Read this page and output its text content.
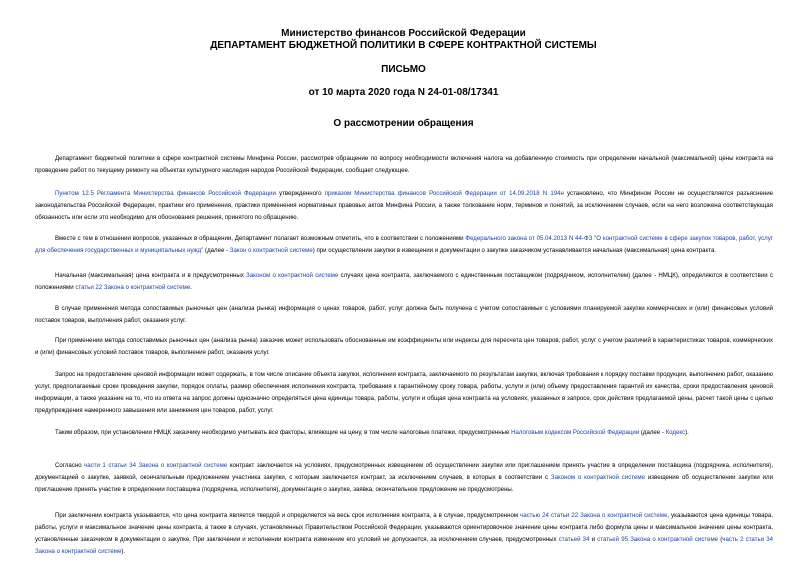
Министерство финансов Российской Федерации
ДЕПАРТАМЕНТ БЮДЖЕТНОЙ ПОЛИТИКИ В СФЕРЕ КОНТРАКТНОЙ СИСТЕМЫ
ПИСЬМО
от 10 марта 2020 года N 24-01-08/17341
О рассмотрении обращения

Департамент бюджетной политики в сфере контрактной системы Минфина России, рассмотрев обращение по вопросу необходимости включения налога на добавленную стоимость при определении начальной (максимальной) цены контракта на проведение работ по текущему ремонту на объектах культурного наследия народов Российской Федерации, сообщает следующее.

Пунктом 12.5 Регламента Министерства финансов Российской Федерации утвержденного приказом Министерства финансов Российской Федерации от 14.09.2018 N 194н установлено, что Минфином России не осуществляется разъяснение законодательства Российской Федерации, практики его применения, практики применения нормативных правовых актов Минфина России, а также толкование норм, терминов и понятий, за исключением случаев, если на него возложена соответствующая обязанность или если это необходимо для обоснования решения, принятого по обращению.

Вместе с тем в отношении вопросов, указанных в обращении, Департамент полагает возможным отметить, что в соответствии с положениями Федерального закона от 05.04.2013 N 44-ФЗ "О контрактной системе в сфере закупок товаров, работ, услуг для обеспечения государственных и муниципальных нужд" (далее - Закон о контрактной системе) при осуществлении закупки в извещении и документации о закупке заказчиком устанавливается начальная (максимальная) цена контракта.

Начальная (максимальная) цена контракта и в предусмотренных Законом о контрактной системе случаях цена контракта, заключаемого с единственным поставщиком (подрядчиком, исполнителем) (далее - НМЦК), определяются в соответствии с положениями статьи 22 Закона о контрактной системе.

В случае применения метода сопоставимых рыночных цен (анализа рынка) информация о ценах товаров, работ, услуг должна быть получена с учетом сопоставимых с условиями планируемой закупки коммерческих и (или) финансовых условий поставок товаров, выполнения работ, оказания услуг.

При применении метода сопоставимых рыночных цен (анализа рынка) заказчик может использовать обоснованные им коэффициенты или индексы для пересчета цен товаров, работ, услуг с учетом различий в характеристиках товаров, коммерческих и (или) финансовых условий поставок товаров, выполнения работ, оказания услуг.

Запрос на предоставление ценовой информации может содержать, в том числе описание объекта закупки, исполнения контракта, заключаемого по результатам закупки, включая требования к порядку поставки продукции, выполнению работ, оказанию услуг, предполагаемые сроки проведения закупки, порядок оплаты, размер обеспечения исполнения контракта, требования к гарантийному сроку товара, работы, услуги и (или) объему предоставления гарантий их качества, сроки предоставления ценовой информации, а также указание на то, что из ответа на запрос должны однозначно определяться цена единицы товара, работы, услуги и общая цена контракта на условиях, указанных в запросе, срок действия предлагаемой цены, расчет такой цены с целью предупреждения намеренного завышения или занижения цен товаров, работ, услуг.

Таким образом, при установлении НМЦК заказчику необходимо учитывать все факторы, влияющие на цену, в том числе налоговые платежи, предусмотренные Налоговым кодексом Российской Федерации (далее - Кодекс).

Согласно части 1 статьи 34 Закона о контрактной системе контракт заключается на условиях, предусмотренных извещением об осуществлении закупки или приглашением принять участие в определении поставщика (подрядчика, исполнителя), документацией о закупке, заявкой, окончательным предложением участника закупки, с которым заключается контракт, за исключением случаев, в которых в соответствии с Законом о контрактной системе извещение об осуществлении закупки или приглашение принять участие в определении поставщика (подрядчика, исполнителя), документация о закупке, заявка, окончательное предложение не предусмотрены.

При заключении контракта указывается, что цена контракта является твердой и определяется на весь срок исполнения контракта, а в случае, предусмотренном частью 24 статьи 22 Закона о контрактной системе, указываются цена единицы товара, работы, услуги и максимальное значение цены контракта, а также в случаях, установленных Правительством Российской Федерации, указываются ориентировочное значение цены контракта либо формула цены и максимальное значение цены контракта, установленные заказчиком в документации о закупке. При заключении и исполнении контракта изменение его условий не допускается, за исключением случаев, предусмотренных статьей 34 и статьей 95 Закона о контрактной системе (часть 2 статьи 34 Закона о контрактной системе).
